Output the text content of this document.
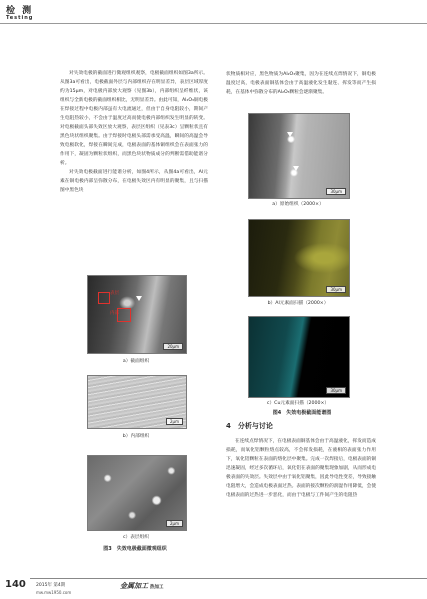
检 测
Testing

对失效电极的截面进行微观组织观察，电极截面组织如图3a所示。从图3a可看出，电极截面外层与内部组织存在明显差异，表层区域厚度约为15μm，对电极内部放大观察（见图3b），内部组织呈纤维状，该组织与全新电极的截面组织相比，无明显差异。由此可知，Al₂O₃铜电极在焊接过程中电极内部虽有大电流通过，但由于自身电阻较小，期间产生电阻热较小，不会由于温度过高而使电极内部组织发生明显的转变。对电极截面头部失效区放大观察，表层区组织（见表3c）呈颗粒状且有黑色块状组织聚集。由于焊接时电极头部需承受高温，瞬间的高温会导致电极软化，焊接在瞬间完成，电极表面的基体铜组织会在表面张力的作用下，凝固为颗粒状组织，而黑色块状物质成分的判断需借助能谱分析。

对失效电极截面进行能谱分析，如图4所示，从图4a可看出，Al元素在铜电极内部呈弥散分布，在电极失效区内有明显的聚集，且与扫描图中黑色块

表层
内部
20μm
a）截面组织
2μm
b）内部组织
2μm
c）表层组织
图3　失效电极截面微观组织

状物质相对应，黑色物质为Al₂O₃聚集，因为在连续点焊情况下，铜电极温度过高，电极表面铜基体会由于高温液化发生黏连、挥发等而产生损耗，在基体中弥散分布的Al₂O₃颗粒会逐渐聚集。

30μm
a）原始组织（2000×）
30μm
b）Al元素面扫描（2000×）
30μm
c）Cu元素面扫描（2000×）
图4　失效电极截面能谱图
4　分析与讨论

在连续点焊情况下，在电极表面铜基体会由于高温液化，挥发而造成损耗，而氧化铝颗粒熔点较高，不会挥发损耗，在液相的表面张力作用下，氧化铝颗粒在表面的熔化层中聚集。完成一次焊接后，电极表面的铜迅速凝固，经过多次循环后，氧化铝在表面的聚集现象加剧，从而形成电极表面的失效层。失效层中由于氧化铝聚集，因此导电性变差，导致接触电阻增大，会造成电极表面过热。表面的接次颗粒的润湿作用降低，会使电极表面的过热进一步恶化，而由于电极与工件间产生的电阻热

140 2015年 第4期
mw.mw1950.com
金属加工 热加工
